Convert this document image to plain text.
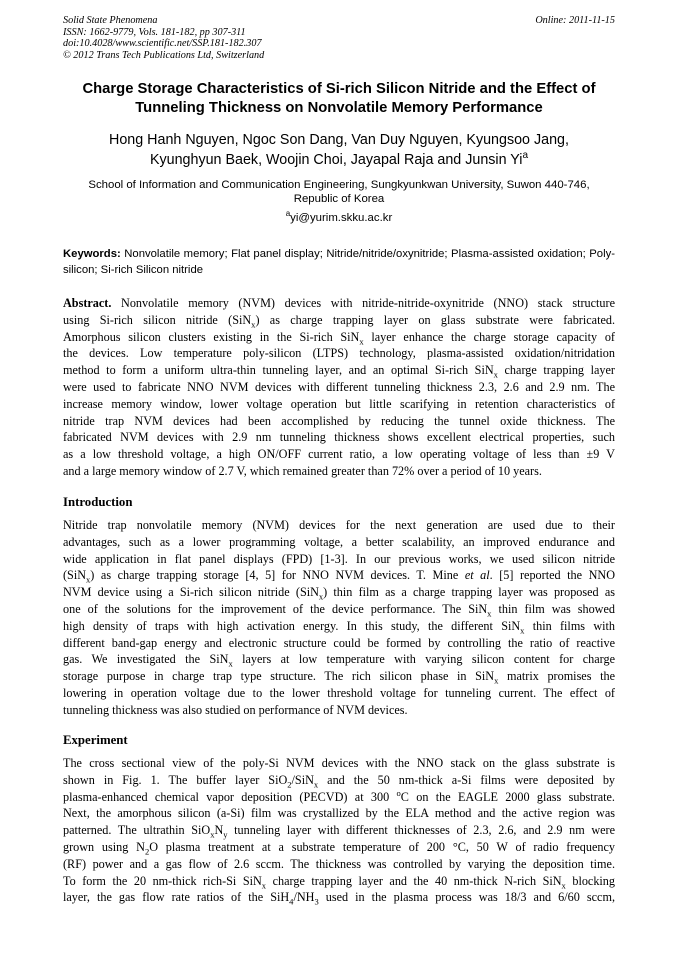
Solid State Phenomena
ISSN: 1662-9779, Vols. 181-182, pp 307-311
doi:10.4028/www.scientific.net/SSP.181-182.307
© 2012 Trans Tech Publications Ltd, Switzerland
Online: 2011-11-15
Charge Storage Characteristics of Si-rich Silicon Nitride and the Effect of
Tunneling Thickness on Nonvolatile Memory Performance
Hong Hanh Nguyen, Ngoc Son Dang, Van Duy Nguyen, Kyungsoo Jang,
Kyunghyun Baek, Woojin Choi, Jayapal Raja and Junsin Yi$^a$
School of Information and Communication Engineering, Sungkyunkwan University, Suwon 440-746,
Republic of Korea
$^a$yi@yurim.skku.ac.kr
Keywords: Nonvolatile memory; Flat panel display; Nitride/nitride/oxynitride; Plasma-assisted oxidation; Poly-silicon; Si-rich Silicon nitride
Abstract. Nonvolatile memory (NVM) devices with nitride-nitride-oxynitride (NNO) stack structure
using Si-rich silicon nitride (SiN$_x$) as charge trapping layer on glass substrate were fabricated.
Amorphous silicon clusters existing in the Si-rich SiN$_x$ layer enhance the charge storage capacity of
the devices. Low temperature poly-silicon (LTPS) technology, plasma-assisted oxidation/nitridation
method to form a uniform ultra-thin tunneling layer, and an optimal Si-rich SiN$_x$ charge trapping layer
were used to fabricate NNO NVM devices with different tunneling thickness 2.3, 2.6 and 2.9 nm. The
increase memory window, lower voltage operation but little scarifying in retention characteristics of
nitride trap NVM devices had been accomplished by reducing the tunnel oxide thickness. The
fabricated NVM devices with 2.9 nm tunneling thickness shows excellent electrical properties, such
as a low threshold voltage, a high ON/OFF current ratio, a low operating voltage of less than ±9 V
and a large memory window of 2.7 V, which remained greater than 72% over a period of 10 years.
Introduction
Nitride trap nonvolatile memory (NVM) devices for the next generation are used due to their
advantages, such as a lower programming voltage, a better scalability, an improved endurance and
wide application in flat panel displays (FPD) [1-3]. In our previous works, we used silicon nitride
(SiN$_x$) as charge trapping storage [4, 5] for NNO NVM devices. T. Mine et al. [5] reported the NNO
NVM device using a Si-rich silicon nitride (SiN$_x$) thin film as a charge trapping layer was proposed as
one of the solutions for the improvement of the device performance. The SiN$_x$ thin film was showed
high density of traps with high activation energy. In this study, the different SiN$_x$ thin films with
different band-gap energy and electronic structure could be formed by controlling the ratio of reactive
gas. We investigated the SiN$_x$ layers at low temperature with varying silicon content for charge
storage purpose in charge trap type structure. The rich silicon phase in SiN$_x$ matrix promises the
lowering in operation voltage due to the lower threshold voltage for tunneling current. The effect of
tunneling thickness was also studied on performance of NVM devices.
Experiment
The cross sectional view of the poly-Si NVM devices with the NNO stack on the glass substrate is
shown in Fig. 1. The buffer layer SiO$_2$/SiN$_x$ and the 50 nm-thick a-Si films were deposited by
plasma-enhanced chemical vapor deposition (PECVD) at 300 $^o$C on the EAGLE 2000 glass substrate.
Next, the amorphous silicon (a-Si) film was crystallized by the ELA method and the active region was
patterned. The ultrathin $SiO_xN_y$ tunneling layer with different thicknesses of 2.3, 2.6, and 2.9 nm were
grown using $N_2O$ plasma treatment at a substrate temperature of 200 °C, 50 W of radio frequency
(RF) power and a gas flow of 2.6 sccm. The thickness was controlled by varying the deposition time.
To form the 20 nm-thick rich-Si SiN$_x$ charge trapping layer and the 40 nm-thick N-rich SiN$_x$ blocking
layer, the gas flow rate ratios of the $SiH_4/NH_3$ used in the plasma process was 18/3 and 6/60 sccm,
